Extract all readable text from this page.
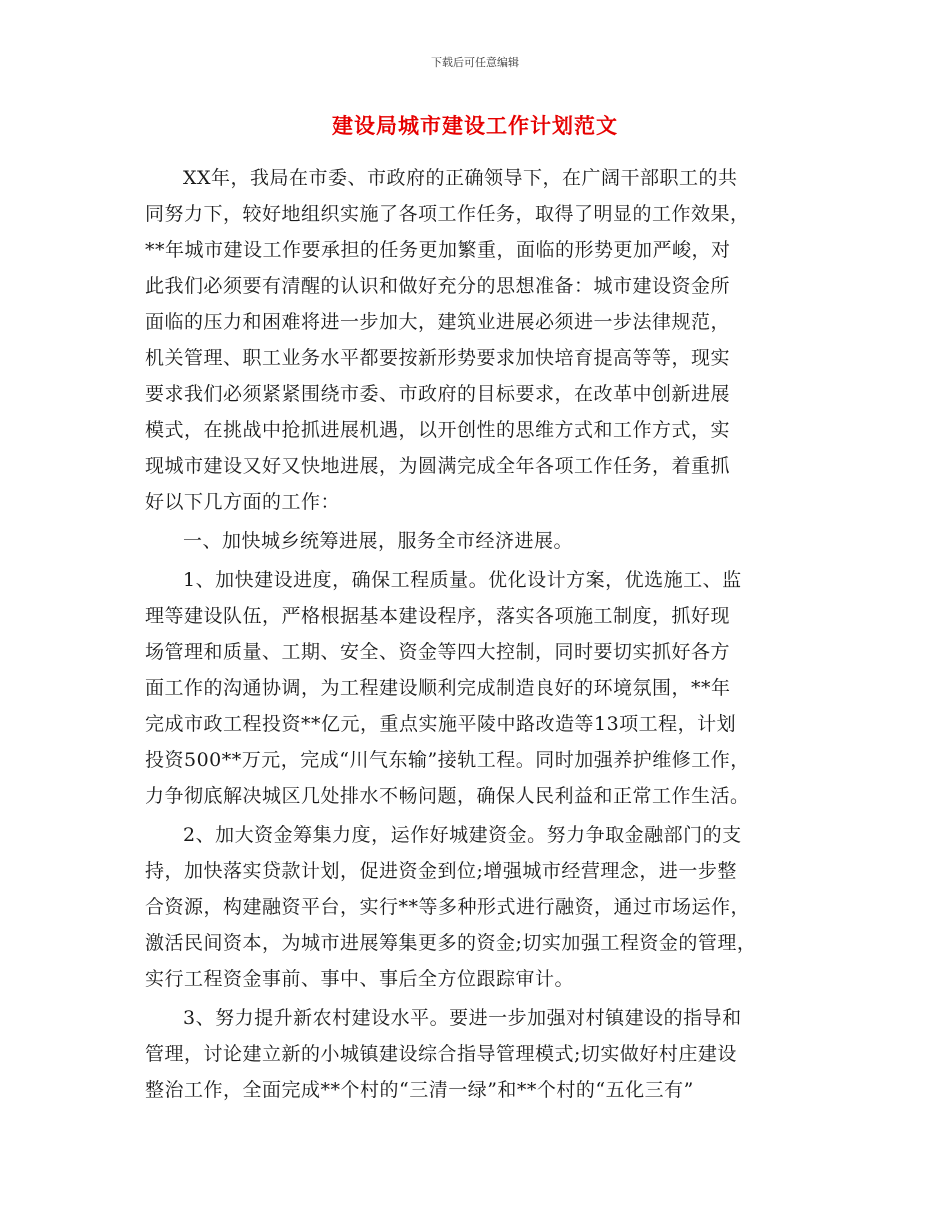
下载后可任意编辑
建设局城市建设工作计划范文
XX年，我局在市委、市政府的正确领导下，在广阔干部职工的共
同努力下，较好地组织实施了各项工作任务，取得了明显的工作效果，
**年城市建设工作要承担的任务更加繁重，面临的形势更加严峻，对
此我们必须要有清醒的认识和做好充分的思想准备：城市建设资金所
面临的压力和困难将进一步加大，建筑业进展必须进一步法律规范，
机关管理、职工业务水平都要按新形势要求加快培育提高等等，现实
要求我们必须紧紧围绕市委、市政府的目标要求，在改革中创新进展
模式，在挑战中抢抓进展机遇，以开创性的思维方式和工作方式，实
现城市建设又好又快地进展，为圆满完成全年各项工作任务，着重抓
好以下几方面的工作：
一、加快城乡统筹进展，服务全市经济进展。
1、加快建设进度，确保工程质量。优化设计方案，优选施工、监
理等建设队伍，严格根据基本建设程序，落实各项施工制度，抓好现
场管理和质量、工期、安全、资金等四大控制，同时要切实抓好各方
面工作的沟通协调，为工程建设顺利完成制造良好的环境氛围，**年
完成市政工程投资**亿元，重点实施平陵中路改造等13项工程，计划
投资500**万元，完成“川气东输”接轨工程。同时加强养护维修工作，
力争彻底解决城区几处排水不畅问题，确保人民利益和正常工作生活。
2、加大资金筹集力度，运作好城建资金。努力争取金融部门的支
持，加快落实贷款计划，促进资金到位;增强城市经营理念，进一步整
合资源，构建融资平台，实行**等多种形式进行融资，通过市场运作，
激活民间资本，为城市进展筹集更多的资金;切实加强工程资金的管理，
实行工程资金事前、事中、事后全方位跟踪审计。
3、努力提升新农村建设水平。要进一步加强对村镇建设的指导和
管理，讨论建立新的小城镇建设综合指导管理模式;切实做好村庄建设
整治工作，全面完成**个村的“三清一绿”和**个村的“五化三有”
